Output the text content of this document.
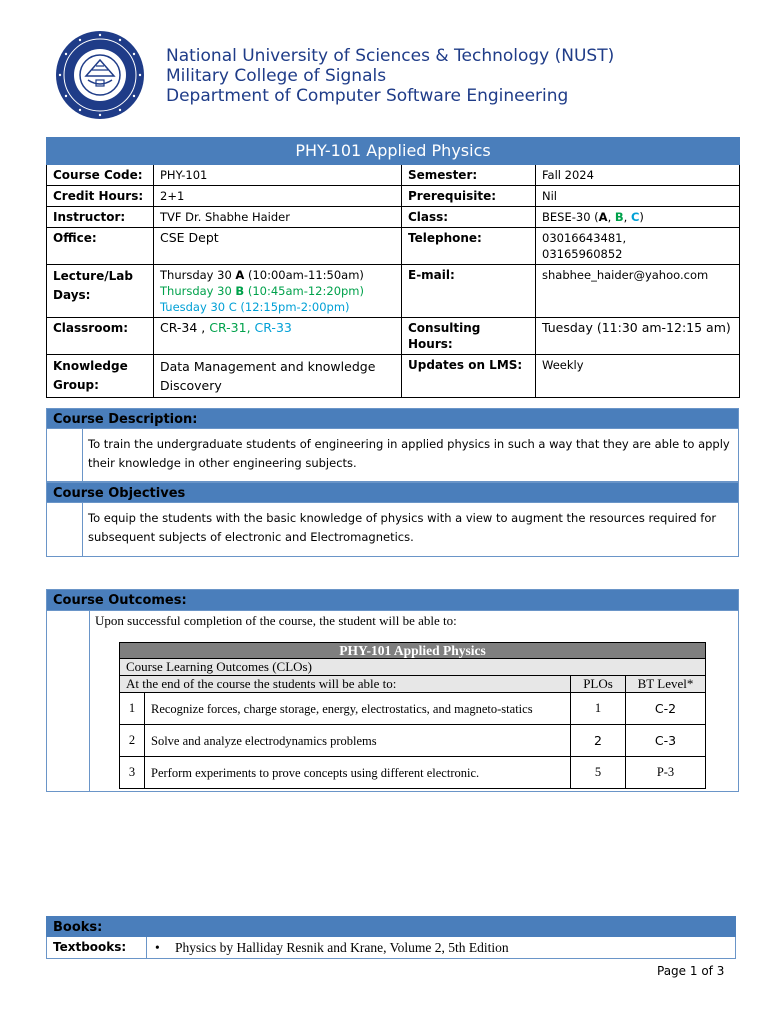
National University of Sciences & Technology (NUST)
Military College of Signals
Department of Computer Software Engineering
PHY-101 Applied Physics			
Course Code:	PHY-101	Semester:	Fall 2024
Credit Hours:	2+1	Prerequisite:	Nil
Instructor:	TVF Dr. Shabhe Haider	Class:	BESE-30 (A, B, C)
Office:	CSE Dept	Telephone:	03016643481,
03165960852

Lecture/Lab Days:	Thursday 30 A (10:00am-11:50am)
Thursday 30 B (10:45am-12:20pm)
Tuesday 30 C (12:15pm-2:00pm)	E-mail:	shabhee_haider@yahoo.com
Classroom:	CR-34 , CR-31, CR-33	Consulting Hours:	Tuesday (11:30 am-12:15 am)
Knowledge Group:	Data Management and knowledge Discovery	Updates on LMS:	Weekly
Course Description:
To train the undergraduate students of engineering in applied physics in such a way that they are able to apply their knowledge in other engineering subjects.
Course Objectives
To equip the students with the basic knowledge of physics with a view to augment the resources required for subsequent subjects of electronic and Electromagnetics.
Course Outcomes:
Upon successful completion of the course, the student will be able to:
PHY-101 Applied Physics			
Course Learning Outcomes (CLOs)			
At the end of the course the students will be able to:		PLOs	BT Level*
1	Recognize forces, charge storage, energy, electrostatics, and magneto-statics	1	C-2
2	Solve and analyze electrodynamics problems	2	C-3
3	Perform experiments to prove concepts using different electronic.	5	P-3
Books:
Textbooks:	• Physics by Halliday Resnik and Krane, Volume 2, 5th Edition
Page 1 of 3
